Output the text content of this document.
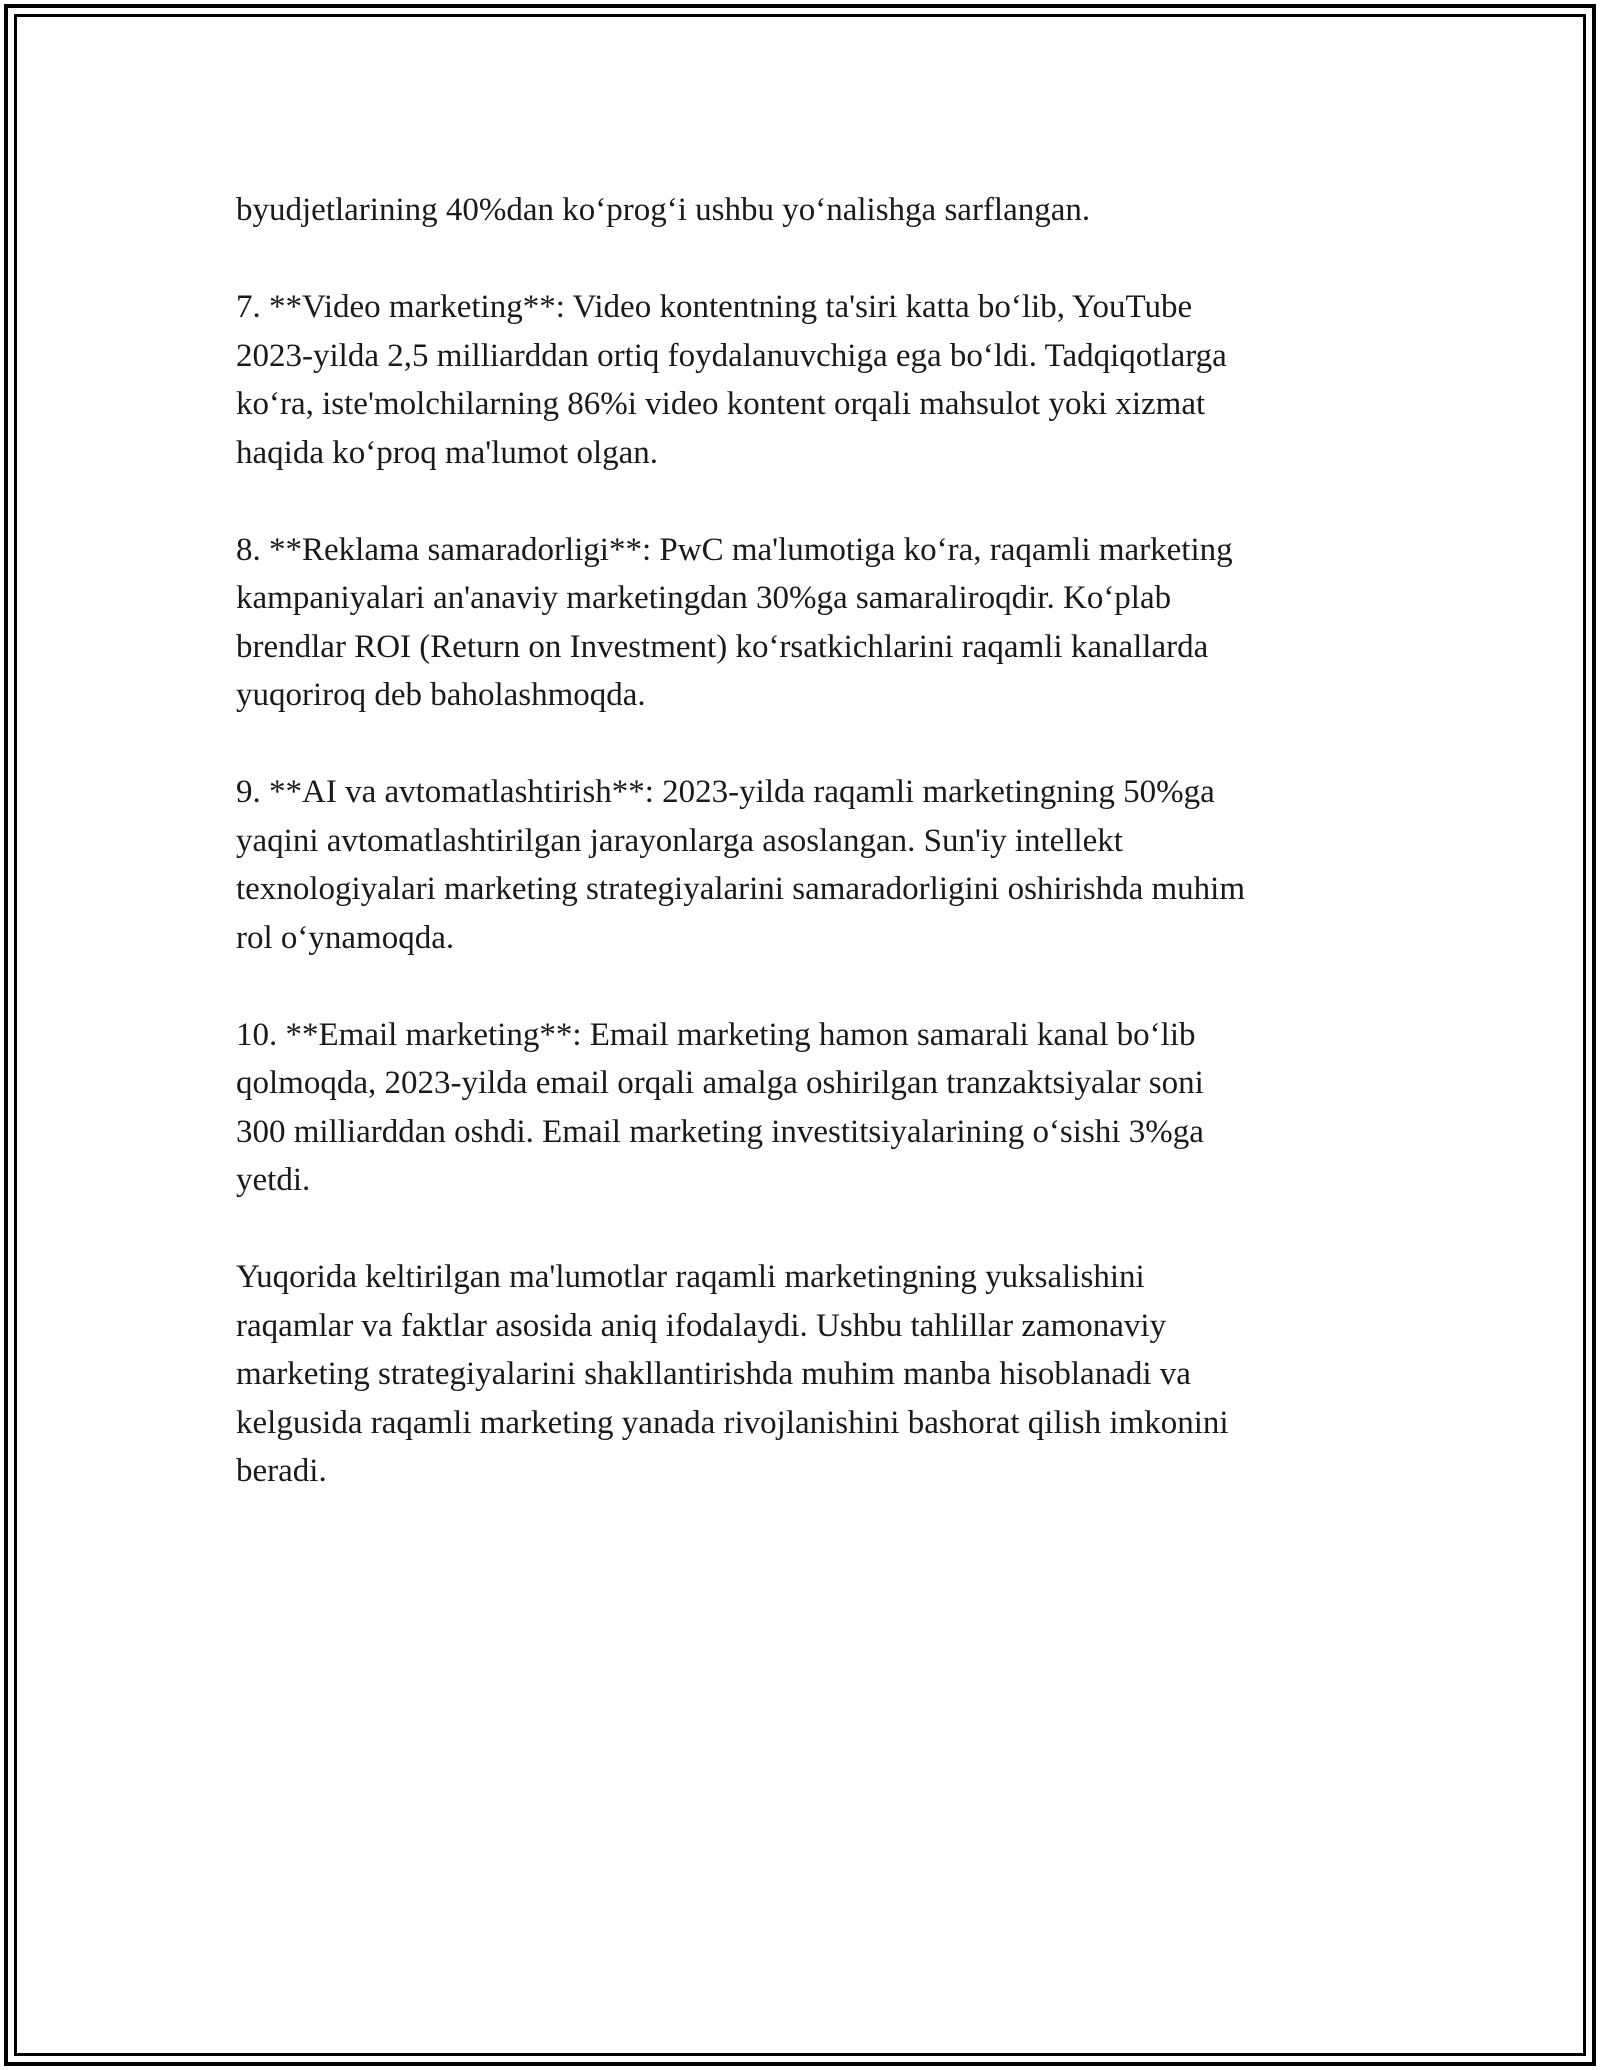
byudjetlarining 40%dan ko‘prog‘i ushbu yo‘nalishga sarflangan.

7. **Video marketing**: Video kontentning ta'siri katta bo‘lib, YouTube
2023-yilda 2,5 milliarddan ortiq foydalanuvchiga ega bo‘ldi. Tadqiqotlarga
ko‘ra, iste'molchilarning 86%i video kontent orqali mahsulot yoki xizmat
haqida ko‘proq ma'lumot olgan.

8. **Reklama samaradorligi**: PwC ma'lumotiga ko‘ra, raqamli marketing
kampaniyalari an'anaviy marketingdan 30%ga samaraliroqdir. Ko‘plab
brendlar ROI (Return on Investment) ko‘rsatkichlarini raqamli kanallarda
yuqoriroq deb baholashmoqda.

9. **AI va avtomatlashtirish**: 2023-yilda raqamli marketingning 50%ga
yaqini avtomatlashtirilgan jarayonlarga asoslangan. Sun'iy intellekt
texnologiyalari marketing strategiyalarini samaradorligini oshirishda muhim
rol o‘ynamoqda.

10. **Email marketing**: Email marketing hamon samarali kanal bo‘lib
qolmoqda, 2023-yilda email orqali amalga oshirilgan tranzaktsiyalar soni
300 milliarddan oshdi. Email marketing investitsiyalarining o‘sishi 3%ga
yetdi.

Yuqorida keltirilgan ma'lumotlar raqamli marketingning yuksalishini
raqamlar va faktlar asosida aniq ifodalaydi. Ushbu tahlillar zamonaviy
marketing strategiyalarini shakllantirishda muhim manba hisoblanadi va
kelgusida raqamli marketing yanada rivojlanishini bashorat qilish imkonini
beradi.
